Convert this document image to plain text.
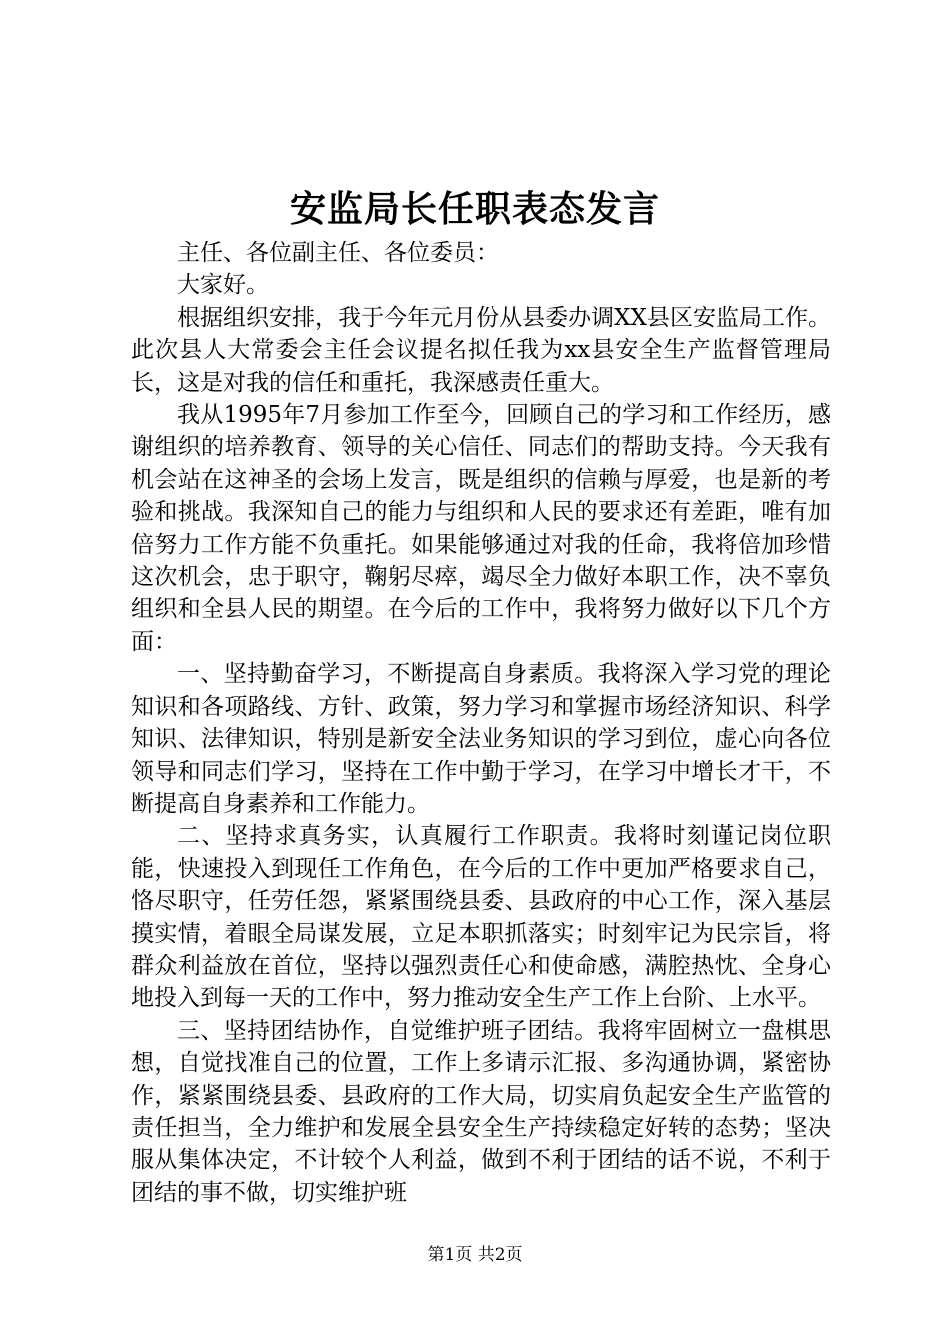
安监局长任职表态发言

主任、各位副主任、各位委员：

大家好。

根据组织安排，我于今年元月份从县委办调XX县区安监局工作。此次县人大常委会主任会议提名拟任我为xx县安全生产监督管理局长，这是对我的信任和重托，我深感责任重大。

我从1995年7月参加工作至今，回顾自己的学习和工作经历，感谢组织的培养教育、领导的关心信任、同志们的帮助支持。今天我有机会站在这神圣的会场上发言，既是组织的信赖与厚爱，也是新的考验和挑战。我深知自己的能力与组织和人民的要求还有差距，唯有加倍努力工作方能不负重托。如果能够通过对我的任命，我将倍加珍惜这次机会，忠于职守，鞠躬尽瘁，竭尽全力做好本职工作，决不辜负组织和全县人民的期望。在今后的工作中，我将努力做好以下几个方面：

一、坚持勤奋学习，不断提高自身素质。我将深入学习党的理论知识和各项路线、方针、政策，努力学习和掌握市场经济知识、科学知识、法律知识，特别是新安全法业务知识的学习到位，虚心向各位领导和同志们学习，坚持在工作中勤于学习，在学习中增长才干，不断提高自身素养和工作能力。

二、坚持求真务实，认真履行工作职责。我将时刻谨记岗位职能，快速投入到现任工作角色，在今后的工作中更加严格要求自己，恪尽职守，任劳任怨，紧紧围绕县委、县政府的中心工作，深入基层摸实情，着眼全局谋发展，立足本职抓落实；时刻牢记为民宗旨，将群众利益放在首位，坚持以强烈责任心和使命感，满腔热忱、全身心地投入到每一天的工作中，努力推动安全生产工作上台阶、上水平。

三、坚持团结协作，自觉维护班子团结。我将牢固树立一盘棋思想，自觉找准自己的位置，工作上多请示汇报、多沟通协调，紧密协作，紧紧围绕县委、县政府的工作大局，切实肩负起安全生产监管的责任担当，全力维护和发展全县安全生产持续稳定好转的态势；坚决服从集体决定，不计较个人利益，做到不利于团结的话不说，不利于团结的事不做，切实维护班

第1页 共2页
